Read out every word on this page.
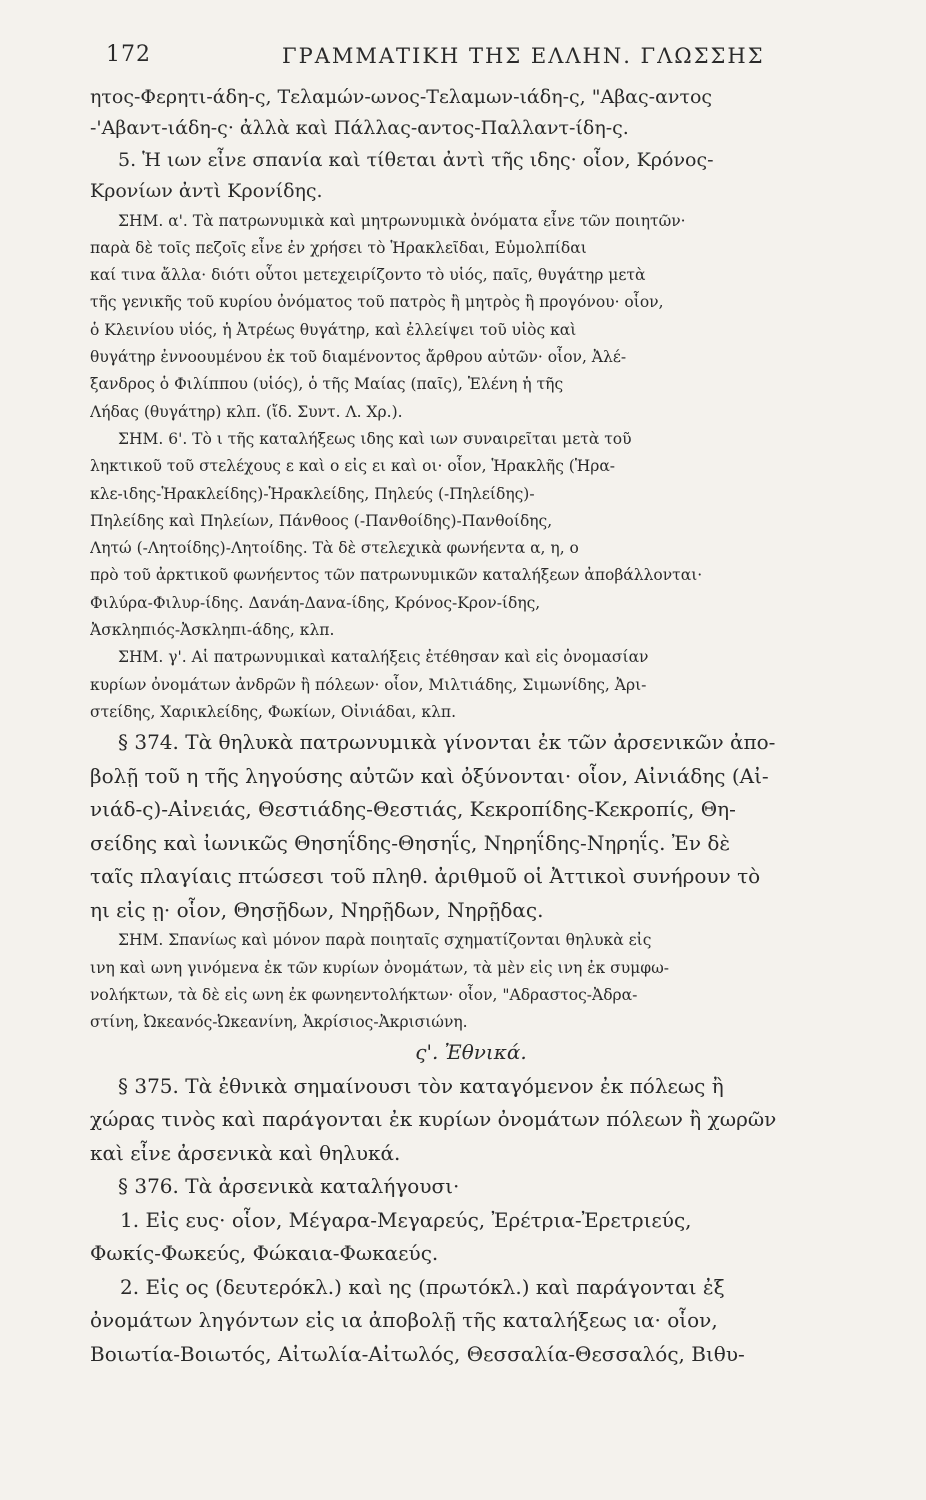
172	ΓΡΑΜΜΑΤΙΚΗ ΤΗΣ ΕΛΛΗΝ. ΓΛΩΣΣΗΣ
ητος-Φερητι-άδη-ς, Τελαμών-ωνος-Τελαμων-ιάδη-ς, "Αβας-αντος
-'Αβαντ-ιάδη-ς· ἀλλὰ καὶ Πάλλας-αντος-Παλλαντ-ίδη-ς.
5. Ἡ ιων εἶνε σπανία καὶ τίθεται ἀντὶ τῆς ιδης· οἷον, Κρόνος-
Κρονίων ἀντὶ Κρονίδης.
ΣΗΜ. α'. Τὰ πατρωνυμικὰ καὶ μητρωνυμικὰ ὀνόματα εἶνε τῶν ποιητῶν·
παρὰ δὲ τοῖς πεζοῖς εἶνε ἐν χρήσει τὸ Ἡρακλεῖδαι, Εὐμολπίδαι
καί τινα ἄλλα· διότι οὗτοι μετεχειρίζοντο τὸ υἱός, παῖς, θυγάτηρ μετὰ
τῆς γενικῆς τοῦ κυρίου ὀνόματος τοῦ πατρὸς ἢ μητρὸς ἢ προγόνου· οἷον,
ὁ Κλεινίου υἱός, ἡ Ἀτρέως θυγάτηρ, καὶ ἐλλείψει τοῦ υἱὸς καὶ
θυγάτηρ ἐννοουμένου ἐκ τοῦ διαμένοντος ἄρθρου αὐτῶν· οἷον, Ἀλέ-
ξανδρος ὁ Φιλίππου (υἱός), ὁ τῆς Μαίας (παῖς), Ἑλένη ἡ τῆς
Λήδας (θυγάτηρ) κλπ. (ἴδ. Συντ. Λ. Χρ.).
ΣΗΜ. 6'. Τὸ ι τῆς καταλήξεως ιδης καὶ ιων συναιρεῖται μετὰ τοῦ
ληκτικοῦ τοῦ στελέχους ε καὶ ο εἰς ει καὶ οι· οἷον, Ἡρακλῆς (Ἡρα-
κλε-ιδης-Ἡρακλείδης)-Ἡρακλείδης, Πηλεύς (-Πηλείδης)-
Πηλείδης καὶ Πηλείων, Πάνθοος (-Πανθοίδης)-Πανθοίδης,
Λητώ (-Λητοίδης)-Λητοίδης. Τὰ δὲ στελεχικὰ φωνήεντα α, η, ο
πρὸ τοῦ ἀρκτικοῦ φωνήεντος τῶν πατρωνυμικῶν καταλήξεων ἀποβάλλονται·
Φιλύρα-Φιλυρ-ίδης. Δανάη-Δανα-ίδης, Κρόνος-Κρον-ίδης,
Ἀσκληπιός-Ἀσκληπι-άδης, κλπ.
ΣΗΜ. γ'. Αἱ πατρωνυμικαὶ καταλήξεις ἐτέθησαν καὶ εἰς ὀνομασίαν
κυρίων ὀνομάτων ἀνδρῶν ἢ πόλεων· οἷον, Μιλτιάδης, Σιμωνίδης, Ἀρι-
στείδης, Χαρικλείδης, Φωκίων, Οἰνιάδαι, κλπ.
§ 374. Τὰ θηλυκὰ πατρωνυμικὰ γίνονται ἐκ τῶν ἀρσενικῶν ἀπο-
βολῇ τοῦ η τῆς ληγούσης αὐτῶν καὶ ὀξύνονται· οἷον, Αἰνιάδης (Αἰ-
νιάδ-ς)-Αἰνειάς, Θεστιάδης-Θεστιάς, Κεκροπίδης-Κεκροπίς, Θη-
σείδης καὶ ἰωνικῶς Θησηΐδης-Θησηΐς, Νηρηΐδης-Νηρηΐς. Ἐν δὲ
ταῖς πλαγίαις πτώσεσι τοῦ πληθ. ἀριθμοῦ οἱ Ἀττικοὶ συνήρουν τὸ
ηι εἰς ῃ· οἷον, Θησῇδων, Νηρῇδων, Νηρῇδας.
ΣΗΜ. Σπανίως καὶ μόνον παρὰ ποιηταῖς σχηματίζονται θηλυκὰ εἰς
ινη καὶ ωνη γινόμενα ἐκ τῶν κυρίων ὀνομάτων, τὰ μὲν εἰς ινη ἐκ συμφω-
νολήκτων, τὰ δὲ εἰς ωνη ἐκ φωνηεντολήκτων· οἷον, "Αδραστος-Ἀδρα-
στίνη, Ὠκεανός-Ὠκεανίνη, Ἀκρίσιος-Ἀκρισιώνη.
ς'. Ἐθνικά.
§ 375. Τὰ ἐθνικὰ σημαίνουσι τὸν καταγόμενον ἐκ πόλεως ἢ
χώρας τινὸς καὶ παράγονται ἐκ κυρίων ὀνομάτων πόλεων ἢ χωρῶν
καὶ εἶνε ἀρσενικὰ καὶ θηλυκά.
§ 376. Τὰ ἀρσενικὰ καταλήγουσι·
1. Εἰς ευς· οἷον, Μέγαρα-Μεγαρεύς, Ἐρέτρια-Ἐρετριεύς,
Φωκίς-Φωκεύς, Φώκαια-Φωκαεύς.
2. Εἰς ος (δευτερόκλ.) καὶ ης (πρωτόκλ.) καὶ παράγονται ἐξ
ὀνομάτων ληγόντων εἰς ια ἀποβολῇ τῆς καταλήξεως ια· οἷον,
Βοιωτία-Βοιωτός, Αἰτωλία-Αἰτωλός, Θεσσαλία-Θεσσαλός, Βιθυ-
